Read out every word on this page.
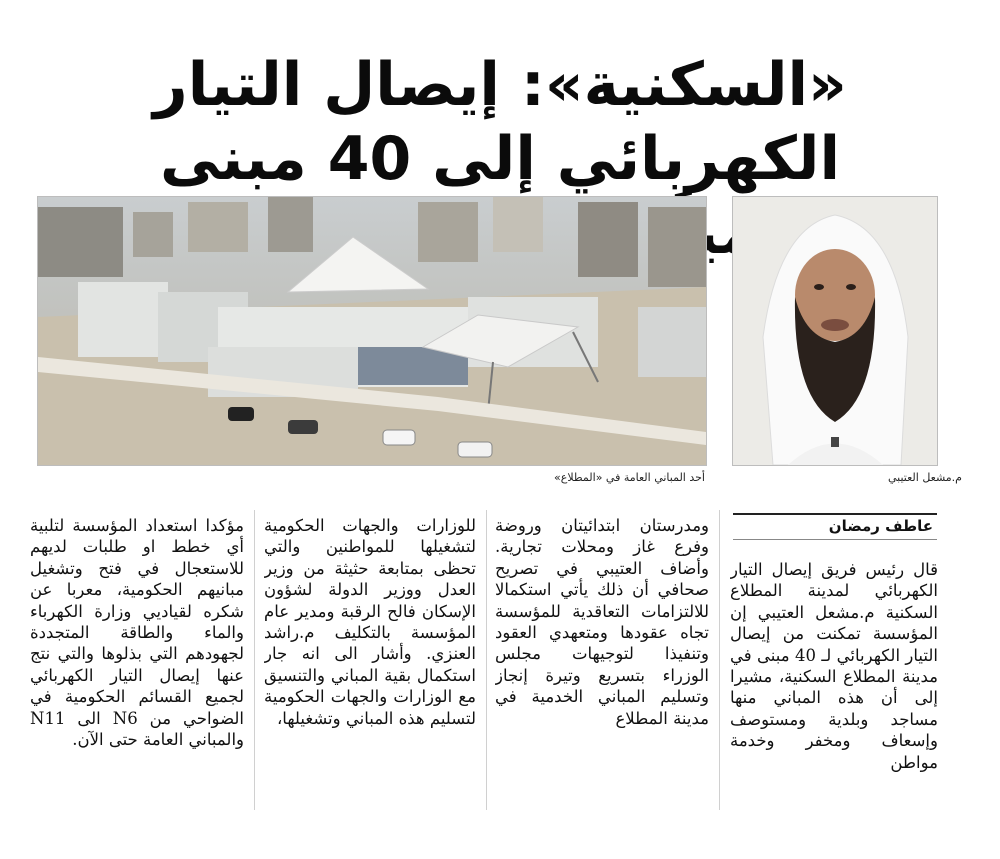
«السكنية»: إيصال التيار الكهربائي إلى 40 مبنى
أحد المباني العامة في «المطلاع»	م.مشعل العتيبي
عاطف رمضان

قال رئيس فريق إيصال التيار الكهربائي لمدينة المطلاع السكنية م.مشعل العتيبي إن المؤسسة تمكنت من إيصال التيار الكهربائي لـ 40 مبنى في مدينة المطلاع السكنية، مشيرا إلى أن هذه المباني منها مساجد وبلدية ومستوصف وإسعاف ومخفر وخدمة مواطن

ومدرستان ابتدائيتان وروضة وفرع غاز ومحلات تجارية. وأضاف العتيبي في تصريح صحافي أن ذلك يأتي استكمالا للالتزامات التعاقدية للمؤسسة تجاه عقودها ومتعهدي العقود وتنفيذا لتوجيهات مجلس الوزراء بتسريع وتيرة إنجاز وتسليم المباني الخدمية في مدينة المطلاع

للوزارات والجهات الحكومية لتشغيلها للمواطنين والتي تحظى بمتابعة حثيثة من وزير العدل ووزير الدولة لشؤون الإسكان فالح الرقبة ومدير عام المؤسسة بالتكليف م.راشد العنزي. وأشار الى انه جار استكمال بقية المباني والتنسيق مع الوزارات والجهات الحكومية لتسليم هذه المباني وتشغيلها،

مؤكدا استعداد المؤسسة لتلبية أي خطط او طلبات لديهم للاستعجال في فتح وتشغيل مبانيهم الحكومية، معربا عن شكره لقياديي وزارة الكهرباء والماء والطاقة المتجددة لجهودهم التي بذلوها والتي نتج عنها إيصال التيار الكهربائي لجميع القسائم الحكومية في الضواحي من N6 الى N11 والمباني العامة حتى الآن.
